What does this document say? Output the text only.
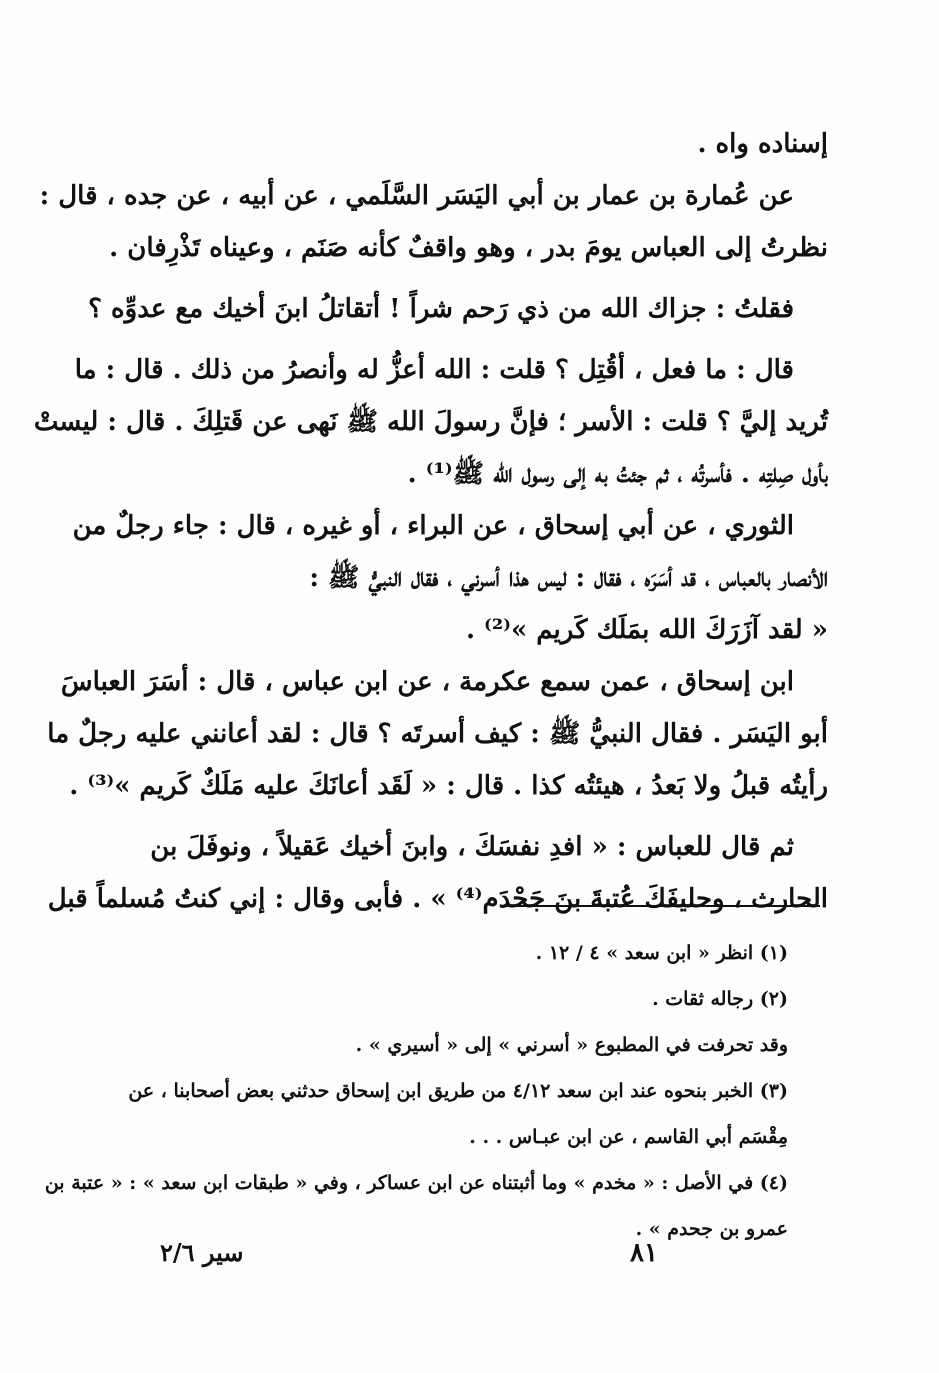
إسناده واه .
عن عُمارة بن عمار بن أبي اليَسَر السَّلَمي ، عن أبيه ، عن جده ، قال :
نظرتُ إلى العباس يومَ بدر ، وهو واقفٌ كأنه صَنَم ، وعيناه تَذْرِفان .
فقلتُ : جزاك الله من ذي رَحم شراً ! أتقاتلُ ابنَ أخيك مع عدوِّه ؟
قال : ما فعل ، أقُتِل ؟ قلت : الله أعزُّ له وأنصرُ من ذلك . قال : ما
تُريد إليَّ ؟ قلت : الأسر ؛ فإنَّ رسولَ الله ﷺ نَهى عن قَتلِكَ . قال : ليستْ
بأول صِلتِه . فأسرتُه ، ثم جئتُ به إلى رسول الله ﷺ⁽¹⁾ .
الثوري ، عن أبي إسحاق ، عن البراء ، أو غيره ، قال : جاء رجلٌ من
الأنصار بالعباس ، قد أسَرَه ، فقال : ليس هذا أسرني ، فقال النبيُّ ﷺ :
« لقد آزَرَكَ الله بمَلَك كَريم »⁽²⁾ .
ابن إسحاق ، عمن سمع عكرمة ، عن ابن عباس ، قال : أسَرَ العباسَ
أبو اليَسَر . فقال النبيُّ ﷺ : كيف أسرتَه ؟ قال : لقد أعانني عليه رجلٌ ما
رأيتُه قبلُ ولا بَعدُ ، هيئتُه كذا . قال : « لَقَد أعانَكَ عليه مَلَكٌ كَريم »⁽³⁾ .
ثم قال للعباس : « افدِ نفسَكَ ، وابنَ أخيك عَقيلاً ، ونوفَلَ بن
الحارث ، وحليفَكَ عُتبةَ بنَ جَحْدَم⁽⁴⁾ » . فأبى وقال : إني كنتُ مُسلماً قبل
(١) انظر « ابن سعد » ٤ / ١٢ .
(٢) رجاله ثقات .
وقد تحرفت في المطبوع « أسرني » إلى « أسيري » .
(٣) الخبر بنحوه عند ابن سعد ٤/١٢ من طريق ابن إسحاق حدثني بعض أصحابنا ، عن
مِقْسَم أبي القاسم ، عن ابن عبـاس . . .
(٤) في الأصل : « مخدم » وما أثبتناه عن ابن عساكر ، وفي « طبقات ابن سعد » : « عتبة بن
عمرو بن جحدم » .
٨١
سير ٢/٦
